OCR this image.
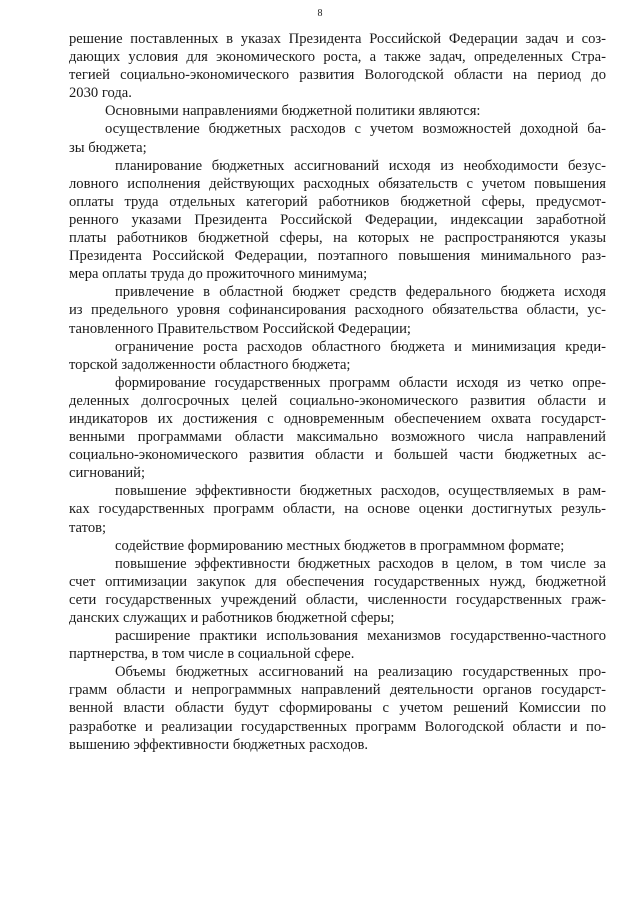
8
решение поставленных в указах Президента Российской Федерации задач и соз-
дающих условия для экономического роста, а также задач, определенных Стра-
тегией социально-экономического развития Вологодской области на период до
2030 года.
Основными направлениями бюджетной политики являются:
осуществление бюджетных расходов с учетом возможностей доходной ба-
зы бюджета;
планирование бюджетных ассигнований исходя из необходимости безус-
ловного исполнения действующих расходных обязательств с учетом повышения
оплаты труда отдельных категорий работников бюджетной сферы, предусмот-
ренного указами Президента Российской Федерации, индексации заработной
платы работников бюджетной сферы, на которых не распространяются указы
Президента Российской Федерации, поэтапного повышения минимального раз-
мера оплаты труда до прожиточного минимума;
привлечение в областной бюджет средств федерального бюджета исходя
из предельного уровня софинансирования расходного обязательства области, ус-
тановленного Правительством Российской Федерации;
ограничение роста расходов областного бюджета и минимизация креди-
торской задолженности областного бюджета;
формирование государственных программ области исходя из четко опре-
деленных долгосрочных целей социально-экономического развития области и
индикаторов их достижения с одновременным обеспечением охвата государст-
венными программами области максимально возможного числа направлений
социально-экономического развития области и большей части бюджетных ас-
сигнований;
повышение эффективности бюджетных расходов, осуществляемых в рам-
ках государственных программ области, на основе оценки достигнутых резуль-
татов;
содействие формированию местных бюджетов в программном формате;
повышение эффективности бюджетных расходов в целом, в том числе за
счет оптимизации закупок для обеспечения государственных нужд, бюджетной
сети государственных учреждений области, численности государственных граж-
данских служащих и работников бюджетной сферы;
расширение практики использования механизмов государственно-частного
партнерства, в том числе в социальной сфере.
Объемы бюджетных ассигнований на реализацию государственных про-
грамм области и непрограммных направлений деятельности органов государст-
венной власти области будут сформированы с учетом решений Комиссии по
разработке и реализации государственных программ Вологодской области и по-
вышению эффективности бюджетных расходов.
